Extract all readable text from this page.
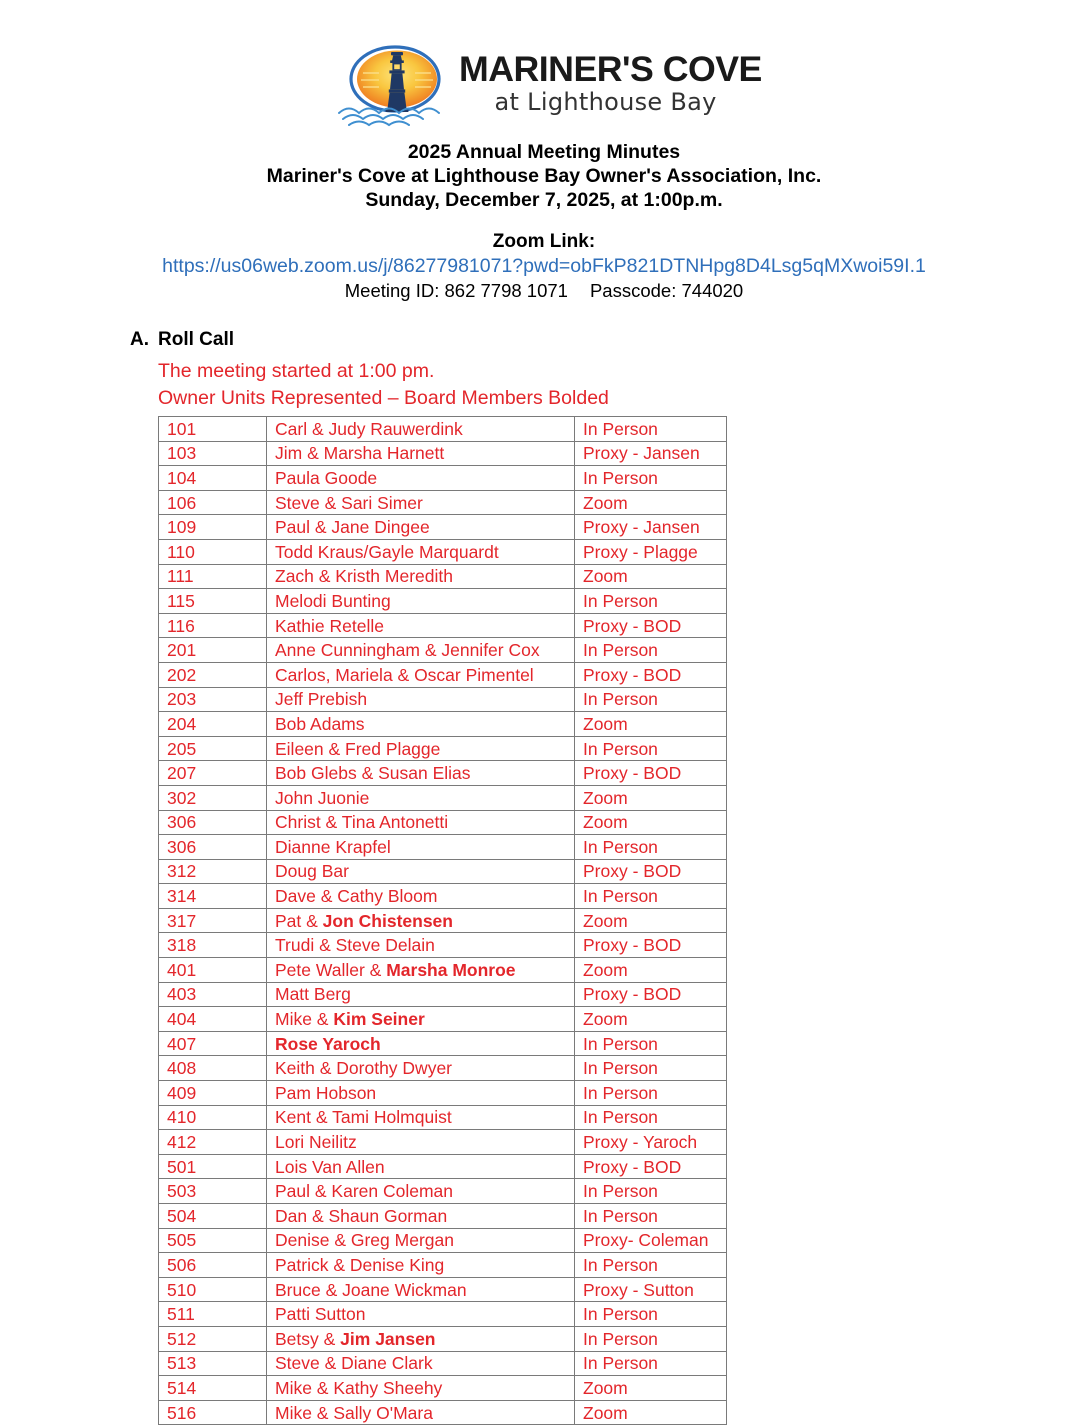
MARINER'S COVE
at Lighthouse Bay
2025 Annual Meeting Minutes
Mariner's Cove at Lighthouse Bay Owner's Association, Inc.
Sunday, December 7, 2025, at 1:00p.m.
Zoom Link:
https://us06web.zoom.us/j/86277981071?pwd=obFkP821DTNHpg8D4Lsg5qMXwoi59I.1
Meeting ID: 862 7798 1071 Passcode: 744020
A. Roll Call
The meeting started at 1:00 pm.
Owner Units Represented – Board Members Bolded
101	Carl & Judy Rauwerdink	In Person
103	Jim & Marsha Harnett	Proxy - Jansen
104	Paula Goode	In Person
106	Steve & Sari Simer	Zoom
109	Paul & Jane Dingee	Proxy - Jansen
110	Todd Kraus/Gayle Marquardt	Proxy - Plagge
111	Zach & Kristh Meredith	Zoom
115	Melodi Bunting	In Person
116	Kathie Retelle	Proxy - BOD
201	Anne Cunningham & Jennifer Cox	In Person
202	Carlos, Mariela & Oscar Pimentel	Proxy - BOD
203	Jeff Prebish	In Person
204	Bob Adams	Zoom
205	Eileen & Fred Plagge	In Person
207	Bob Glebs & Susan Elias	Proxy - BOD
302	John Juonie	Zoom
306	Christ & Tina Antonetti	Zoom
306	Dianne Krapfel	In Person
312	Doug Bar	Proxy - BOD
314	Dave & Cathy Bloom	In Person
317	Pat & Jon Chistensen	Zoom
318	Trudi & Steve Delain	Proxy - BOD
401	Pete Waller & Marsha Monroe	Zoom
403	Matt Berg	Proxy - BOD
404	Mike & Kim Seiner	Zoom
407	Rose Yaroch	In Person
408	Keith & Dorothy Dwyer	In Person
409	Pam Hobson	In Person
410	Kent & Tami Holmquist	In Person
412	Lori Neilitz	Proxy - Yaroch
501	Lois Van Allen	Proxy - BOD
503	Paul & Karen Coleman	In Person
504	Dan & Shaun Gorman	In Person
505	Denise & Greg Mergan	Proxy- Coleman
506	Patrick & Denise King	In Person
510	Bruce & Joane Wickman	Proxy - Sutton
511	Patti Sutton	In Person
512	Betsy & Jim Jansen	In Person
513	Steve & Diane Clark	In Person
514	Mike & Kathy Sheehy	Zoom
516	Mike & Sally O'Mara	Zoom
